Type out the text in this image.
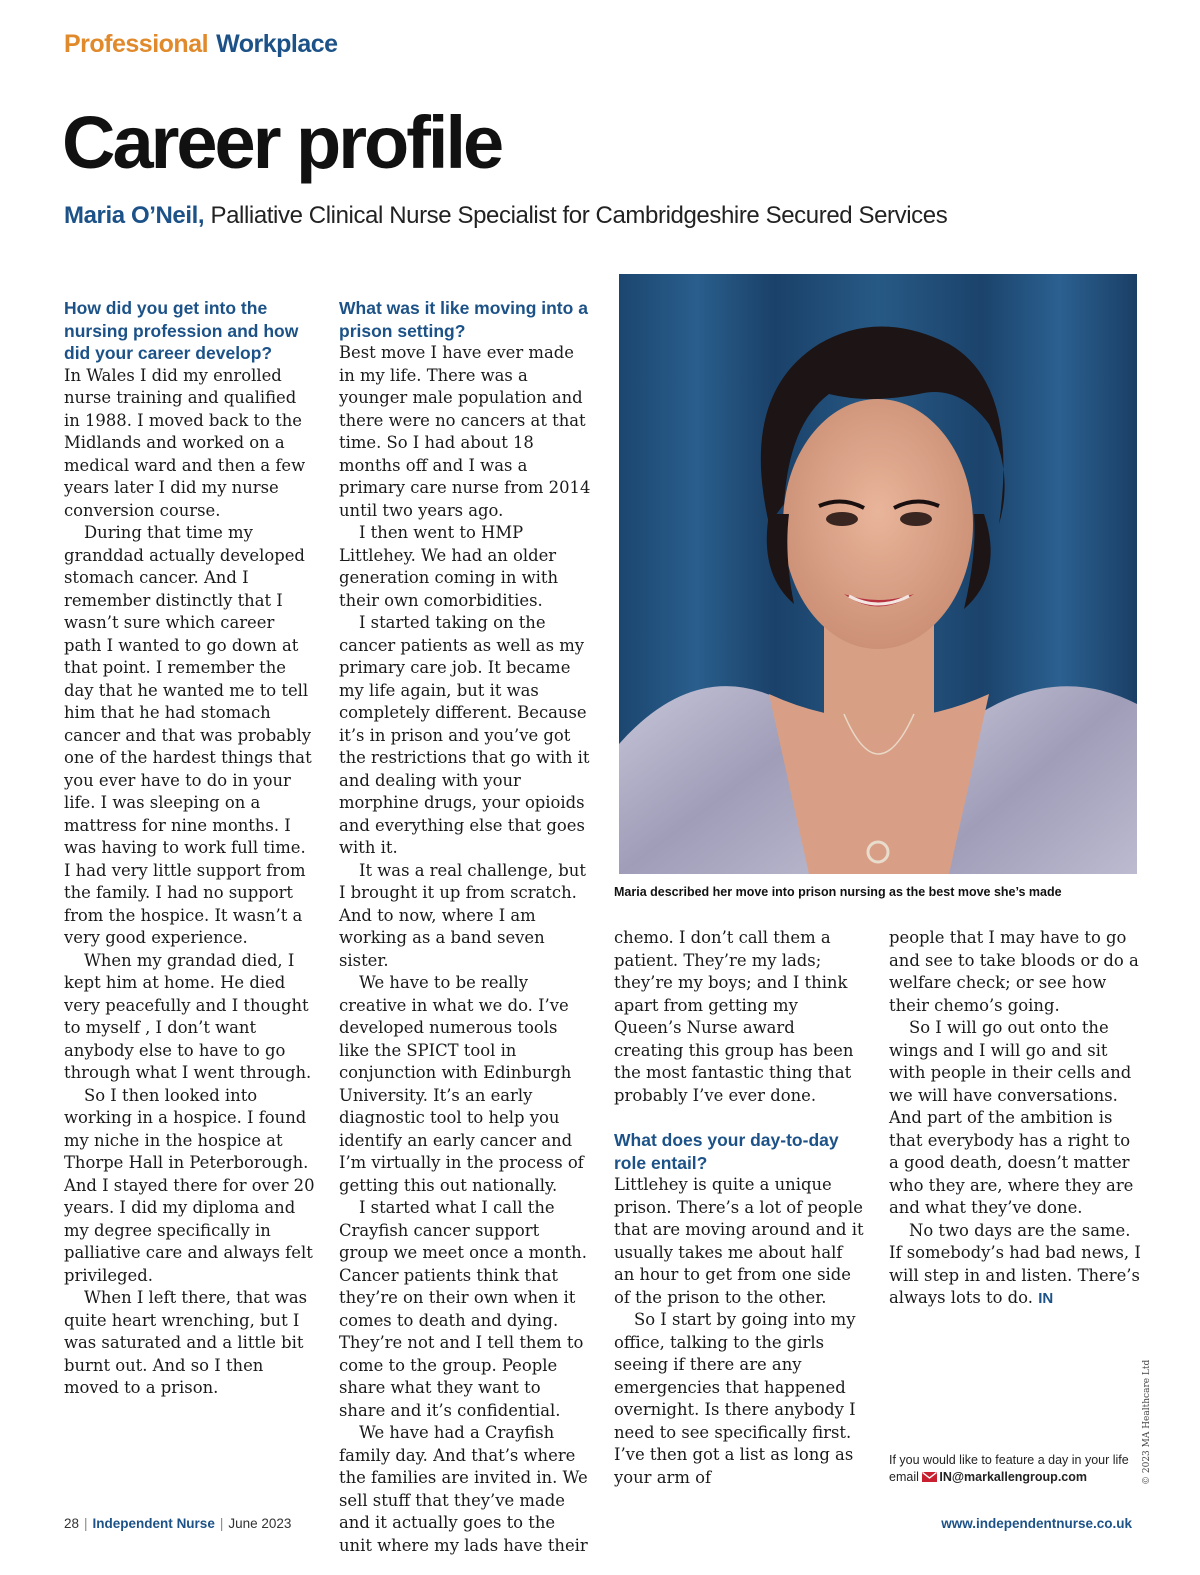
Professional Workplace
Career profile
Maria O’Neil, Palliative Clinical Nurse Specialist for Cambridgeshire Secured Services
How did you get into the nursing profession and how did your career develop?

In Wales I did my enrolled nurse training and qualified in 1988. I moved back to the Midlands and worked on a medical ward and then a few years later I did my nurse conversion course.

During that time my granddad actually developed stomach cancer. And I remember distinctly that I wasn’t sure which career path I wanted to go down at that point. I remember the day that he wanted me to tell him that he had stomach cancer and that was probably one of the hardest things that you ever have to do in your life. I was sleeping on a mattress for nine months. I was having to work full time. I had very little support from the family. I had no support from the hospice. It wasn’t a very good experience.

When my grandad died, I kept him at home. He died very peacefully and I thought to myself , I don’t want anybody else to have to go through what I went through.

So I then looked into working in a hospice. I found my niche in the hospice at Thorpe Hall in Peterborough. And I stayed there for over 20 years. I did my diploma and my degree specifically in palliative care and always felt privileged.

When I left there, that was quite heart wrenching, but I was saturated and a little bit burnt out. And so I then moved to a prison.

What was it like moving into a prison setting?

Best move I have ever made in my life. There was a younger male population and there were no cancers at that time. So I had about 18 months off and I was a primary care nurse from 2014 until two years ago.

I then went to HMP Littlehey. We had an older generation coming in with their own comorbidities.

I started taking on the cancer patients as well as my primary care job. It became my life again, but it was completely different. Because it’s in prison and you’ve got the restrictions that go with it and dealing with your morphine drugs, your opioids and everything else that goes with it.

It was a real challenge, but I brought it up from scratch. And to now, where I am working as a band seven sister.

We have to be really creative in what we do. I’ve developed numerous tools like the SPICT tool in conjunction with Edinburgh University. It’s an early diagnostic tool to help you identify an early cancer and I’m virtually in the process of getting this out nationally.

I started what I call the Crayfish cancer support group we meet once a month. Cancer patients think that they’re on their own when it comes to death and dying. They’re not and I tell them to come to the group. People share what they want to share and it’s confidential.

We have had a Crayfish family day. And that’s where the families are invited in. We sell stuff that they’ve made and it actually goes to the unit where my lads have their

Maria described her move into prison nursing as the best move she’s made

chemo. I don’t call them a patient. They’re my lads; they’re my boys; and I think apart from getting my Queen’s Nurse award creating this group has been the most fantastic thing that probably I’ve ever done.

What does your day-to-day role entail?

Littlehey is quite a unique prison. There’s a lot of people that are moving around and it usually takes me about half an hour to get from one side of the prison to the other.

So I start by going into my office, talking to the girls seeing if there are any emergencies that happened overnight. Is there anybody I need to see specifically first. I’ve then got a list as long as your arm of

people that I may have to go and see to take bloods or do a welfare check; or see how their chemo’s going.

So I will go out onto the wings and I will go and sit with people in their cells and we will have conversations. And part of the ambition is that everybody has a right to a good death, doesn’t matter who they are, where they are and what they’ve done.

No two days are the same. If somebody’s had bad news, I will step in and listen. There’s always lots to do. IN

If you would like to feature a day in your life
email IN@markallengroup.com	© 2023 MA Healthcare Ltd
28 | Independent Nurse | June 2023	www.independentnurse.co.uk
